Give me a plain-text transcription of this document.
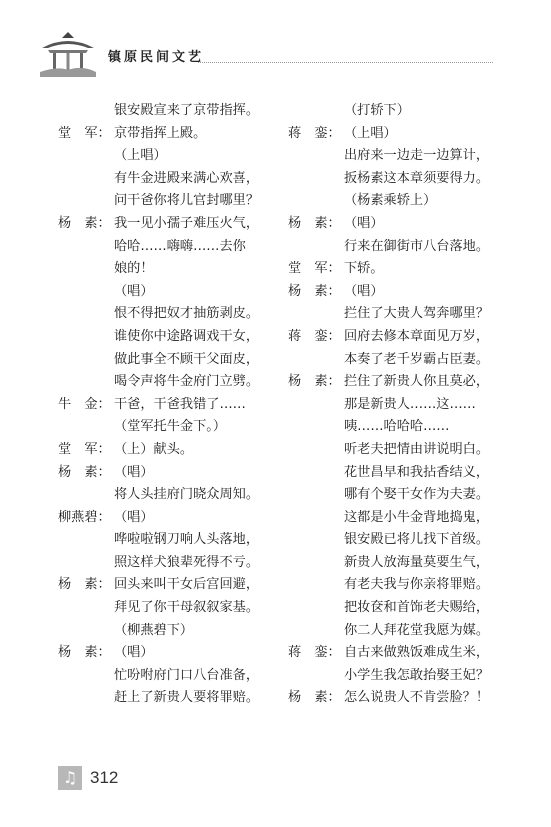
镇原民间文艺
银安殿宣来了京带指挥。
堂　军： 京带指挥上殿。
（上唱）
有牛金进殿来满心欢喜，
问干爸你将儿官封哪里？
杨　素： 我一见小孺子难压火气，
哈哈……嗨嗨……去你
娘的！
（唱）
恨不得把奴才抽筋剥皮。
谁使你中途路调戏干女，
做此事全不顾干父面皮，
喝令声将牛金府门立劈。
牛　金： 干爸，干爸我错了……
（堂军托牛金下。）
堂　军： （上）献头。
杨　素： （唱）
将人头挂府门晓众周知。
柳燕碧： （唱）
哗啦啦钢刀响人头落地，
照这样犬狼辈死得不亏。
杨　素： 回头来叫干女后宫回避，
拜见了你干母叙叙家基。
（柳燕碧下）
杨　素： （唱）
忙吩咐府门口八台准备，
赶上了新贵人要将罪赔。
（打轿下）
蒋　銮： （上唱）
出府来一边走一边算计，
扳杨素这本章须要得力。
（杨素乘轿上）
杨　素： （唱）
行来在御街市八台落地。
堂　军： 下轿。
杨　素： （唱）
拦住了大贵人驾奔哪里？
蒋　銮： 回府去修本章面见万岁，
本奏了老千岁霸占臣妻。
杨　素： 拦住了新贵人你且莫必，
那是新贵人……这……
咦……哈哈哈……
听老夫把情由讲说明白。
花世昌早和我拈香结义，
哪有个娶干女作为夫妻。
这都是小牛金背地捣鬼，
银安殿已将儿找下首级。
新贵人放海量莫要生气，
有老夫我与你亲将罪赔。
把妆奁和首饰老夫赐给，
你二人拜花堂我愿为媒。
蒋　銮： 自古来做熟饭难成生米，
小学生我怎敢抬娶王妃？
杨　素： 怎么说贵人不肯尝脸？！
♫ 312
